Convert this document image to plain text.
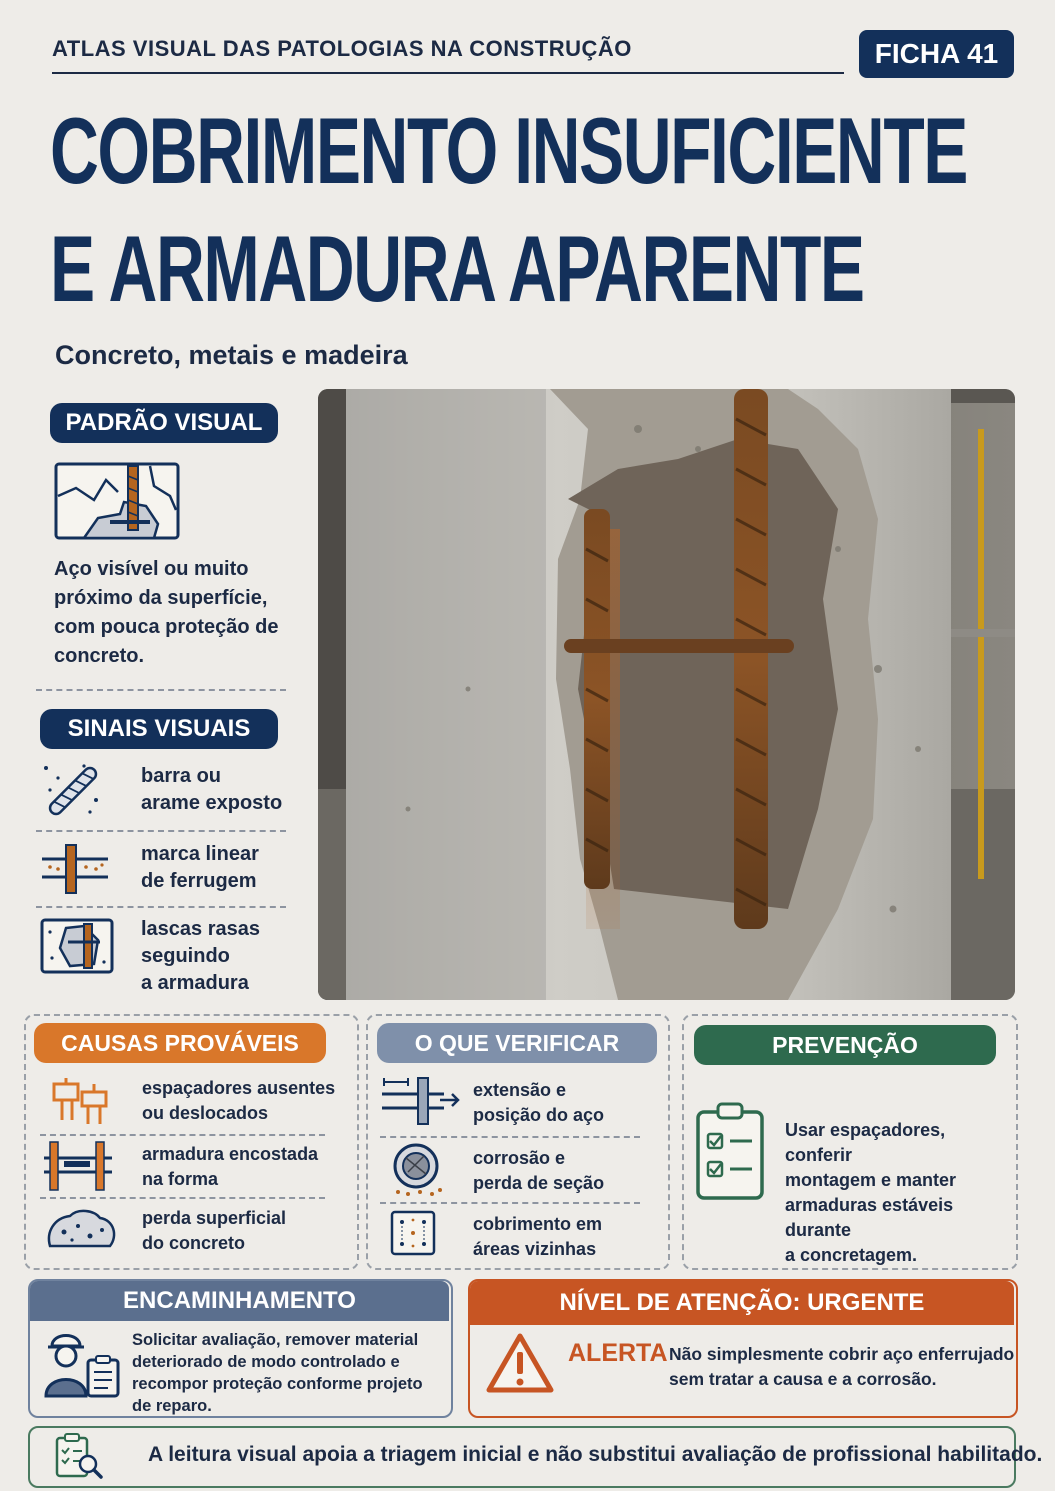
ATLAS VISUAL DAS PATOLOGIAS NA CONSTRUÇÃO	FICHA 41
COBRIMENTO INSUFICIENTE
E ARMADURA APARENTE
Concreto, metais e madeira
PADRÃO VISUAL
Aço visível ou muito próximo da superfície, com pouca proteção de concreto.
SINAIS VISUAIS
barra ou
arame exposto
marca linear
de ferrugem
lascas rasas
seguindo
a armadura
CAUSAS PROVÁVEIS	O QUE VERIFICAR	PREVENÇÃO
espaçadores ausentes
ou deslocados
armadura encostada
na forma
perda superficial
do concreto
extensão e
posição do aço
corrosão e
perda de seção
cobrimento em
áreas vizinhas
Usar espaçadores, conferir
montagem e manter
armaduras estáveis durante
a concretagem.
ENCAMINHAMENTO
Solicitar avaliação, remover material
deteriorado de modo controlado e
recompor proteção conforme projeto
de reparo.
NÍVEL DE ATENÇÃO: URGENTE
ALERTA Não simplesmente cobrir aço enferrujado
sem tratar a causa e a corrosão.
A leitura visual apoia a triagem inicial e não substitui avaliação de profissional habilitado.
